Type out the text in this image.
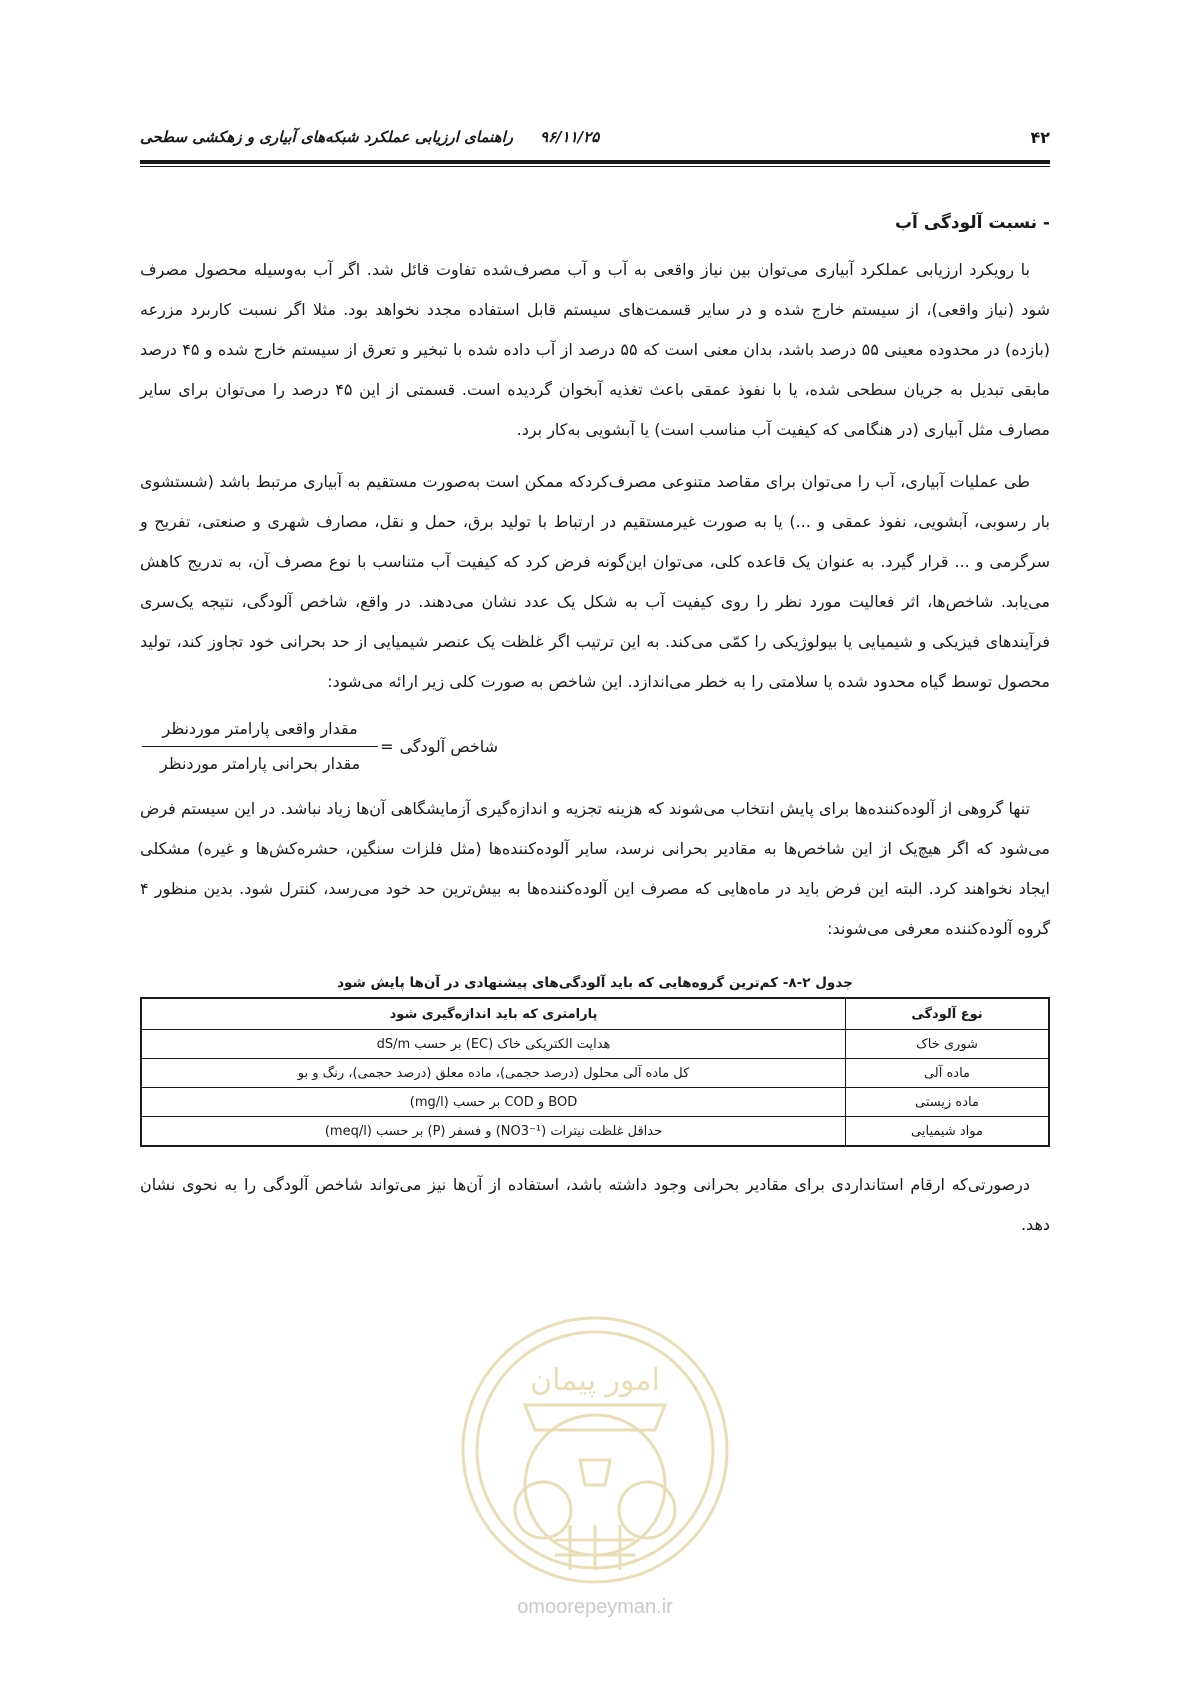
۴۲
۹۶/۱۱/۲۵
راهنمای ارزیابی عملکرد شبکه‌های آبیاری و زهکشی سطحی
- نسبت آلودگی آب

با رویکرد ارزیابی عملکرد آبیاری می‌توان بین نیاز واقعی به آب و آب مصرف‌شده تفاوت قائل شد. اگر آب به‌وسیله محصول مصرف شود (نیاز واقعی)، از سیستم خارج شده و در سایر قسمت‌های سیستم قابل استفاده مجدد نخواهد بود. مثلا اگر نسبت کاربرد مزرعه (بازده) در محدوده معینی ۵۵ درصد باشد، بدان معنی است که ۵۵ درصد از آب داده شده با تبخیر و تعرق از سیستم خارج شده و ۴۵ درصد مابقی تبدیل به جریان سطحی شده، یا با نفوذ عمقی باعث تغذیه آبخوان گردیده است. قسمتی از این ۴۵ درصد را می‌توان برای سایر مصارف مثل آبیاری (در هنگامی که کیفیت آب مناسب است) یا آبشویی به‌کار برد.

طی عملیات آبیاری، آب را می‌توان برای مقاصد متنوعی مصرف‌کردکه ممکن است به‌صورت مستقیم به آبیاری مرتبط باشد (شستشوی بار رسوبی، آبشویی، نفوذ عمقی و ...) یا به صورت غیرمستقیم در ارتباط با تولید برق، حمل و نقل، مصارف شهری و صنعتی، تفریح و سرگرمی و ... قرار گیرد. به عنوان یک قاعده کلی، می‌توان این‌گونه فرض کرد که کیفیت آب متناسب با نوع مصرف آن، به تدریج کاهش می‌یابد. شاخص‌ها، اثر فعالیت مورد نظر را روی کیفیت آب به شکل یک عدد نشان می‌دهند. در واقع، شاخص آلودگی، نتیجه یک‌سری فرآیندهای فیزیکی و شیمیایی یا بیولوژیکی را کمّی می‌کند. به این ترتیب اگر غلظت یک عنصر شیمیایی از حد بحرانی خود تجاوز کند، تولید محصول توسط گیاه محدود شده یا سلامتی را به خطر می‌اندازد. این شاخص به صورت کلی زیر ارائه می‌شود:

شاخص آلودگی
=
$\frac{\text{مقدار واقعی پارامتر موردنظر}}{\text{مقدار بحرانی پارامتر موردنظر}}$

تنها گروهی از آلوده‌کننده‌ها برای پایش انتخاب می‌شوند که هزینه تجزیه و اندازه‌گیری آزمایشگاهی آن‌ها زیاد نباشد. در این سیستم فرض می‌شود که اگر هیچ‌یک از این شاخص‌ها به مقادیر بحرانی نرسد، سایر آلوده‌کننده‌ها (مثل فلزات سنگین، حشره‌کش‌ها و غیره) مشکلی ایجاد نخواهند کرد. البته این فرض باید در ماه‌هایی که مصرف این آلوده‌کننده‌ها به بیش‌ترین حد خود می‌رسد، کنترل شود. بدین منظور ۴ گروه آلوده‌کننده معرفی می‌شوند:

جدول ۲-۸- کم‌ترین گروه‌هایی که باید آلودگی‌های پیشنهادی در آن‌ها پایش شود
نوع آلودگی	پارامتری که باید اندازه‌گیری شود
شوری خاک	هدایت الکتریکی خاک (EC) بر حسب dS/m
ماده آلی	کل ماده آلی محلول (درصد حجمی)، ماده معلق (درصد حجمی)، رنگ و بو
ماده زیستی	BOD و COD بر حسب (mg/l)
مواد شیمیایی	حداقل غلظت نیترات (NO3⁻¹) و فسفر (P) بر حسب (meq/l)

درصورتی‌که ارقام استانداردی برای مقادیر بحرانی وجود داشته باشد، استفاده از آن‌ها نیز می‌تواند شاخص آلودگی را به نحوی نشان دهد.

امور پیمان
omoorepeyman.ir
